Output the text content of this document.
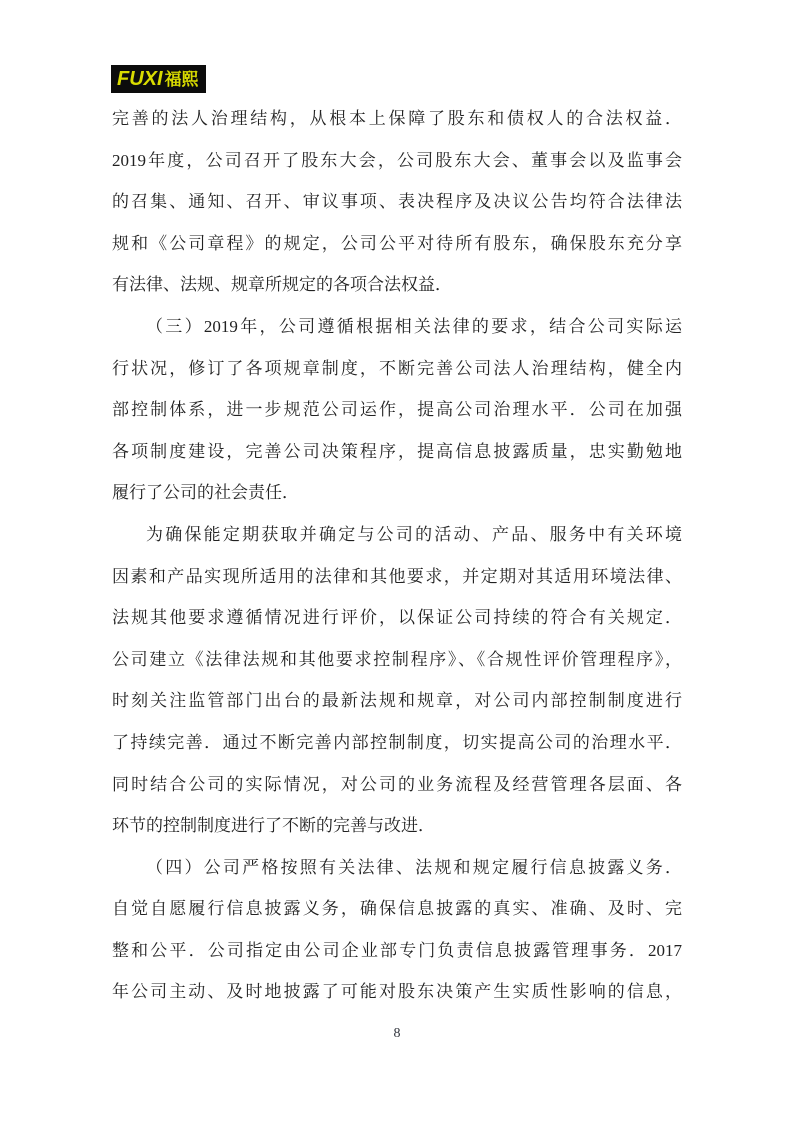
FUXI 福熙
完善的法人治理结构，从根本上保障了股东和债权人的合法权益．
2019年度，公司召开了股东大会，公司股东大会、董事会以及监事会
的召集、通知、召开、审议事项、表决程序及决议公告均符合法律法
规和《公司章程》的规定，公司公平对待所有股东，确保股东充分享
有法律、法规、规章所规定的各项合法权益．
（三）2019年，公司遵循根据相关法律的要求，结合公司实际运
行状况，修订了各项规章制度，不断完善公司法人治理结构，健全内
部控制体系，进一步规范公司运作，提高公司治理水平．公司在加强
各项制度建设，完善公司决策程序，提高信息披露质量，忠实勤勉地
履行了公司的社会责任．
为确保能定期获取并确定与公司的活动、产品、服务中有关环境
因素和产品实现所适用的法律和其他要求，并定期对其适用环境法律、
法规其他要求遵循情况进行评价，以保证公司持续的符合有关规定．
公司建立《法律法规和其他要求控制程序》、《合规性评价管理程序》，
时刻关注监管部门出台的最新法规和规章，对公司内部控制制度进行
了持续完善．通过不断完善内部控制制度，切实提高公司的治理水平．
同时结合公司的实际情况，对公司的业务流程及经营管理各层面、各
环节的控制制度进行了不断的完善与改进．
（四）公司严格按照有关法律、法规和规定履行信息披露义务．
自觉自愿履行信息披露义务，确保信息披露的真实、准确、及时、完
整和公平．公司指定由公司企业部专门负责信息披露管理事务．2017
年公司主动、及时地披露了可能对股东决策产生实质性影响的信息，
8
